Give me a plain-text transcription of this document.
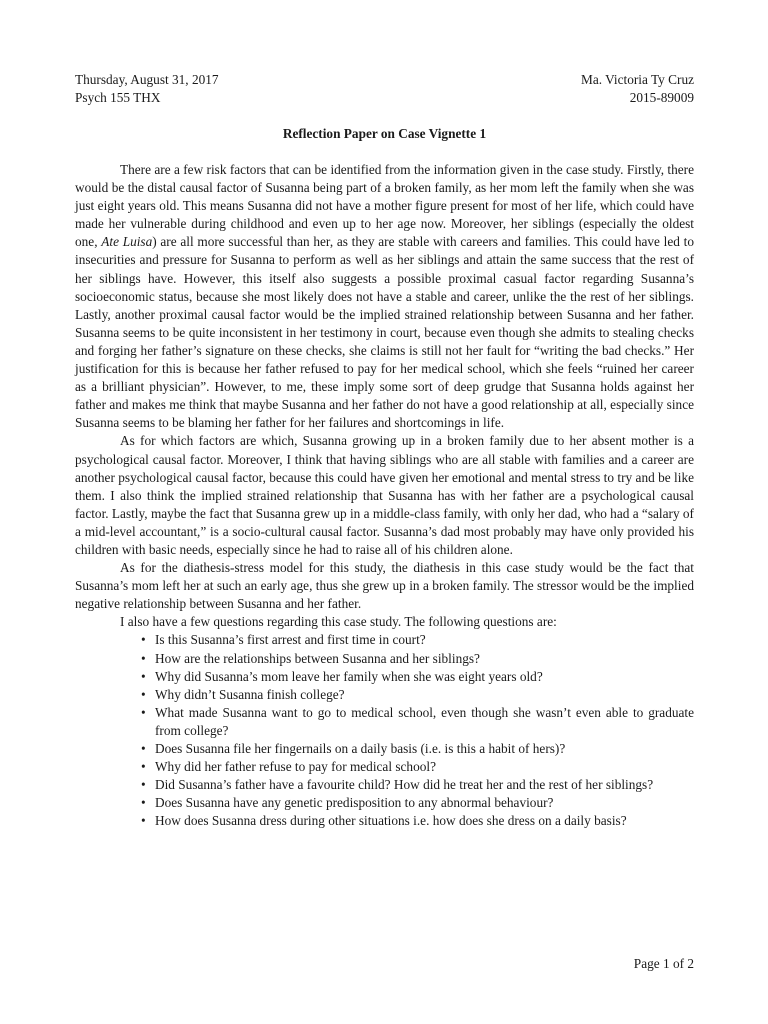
Thursday, August 31, 2017	Ma. Victoria Ty Cruz
Psych 155 THX	2015-89009
Reflection Paper on Case Vignette 1

There are a few risk factors that can be identified from the information given in the case study. Firstly, there would be the distal causal factor of Susanna being part of a broken family, as her mom left the family when she was just eight years old. This means Susanna did not have a mother figure present for most of her life, which could have made her vulnerable during childhood and even up to her age now. Moreover, her siblings (especially the oldest one, Ate Luisa) are all more successful than her, as they are stable with careers and families. This could have led to insecurities and pressure for Susanna to perform as well as her siblings and attain the same success that the rest of her siblings have. However, this itself also suggests a possible proximal casual factor regarding Susanna’s socioeconomic status, because she most likely does not have a stable and career, unlike the the rest of her siblings. Lastly, another proximal causal factor would be the implied strained relationship between Susanna and her father. Susanna seems to be quite inconsistent in her testimony in court, because even though she admits to stealing checks and forging her father’s signature on these checks, she claims is still not her fault for “writing the bad checks.” Her justification for this is because her father refused to pay for her medical school, which she feels “ruined her career as a brilliant physician”. However, to me, these imply some sort of deep grudge that Susanna holds against her father and makes me think that maybe Susanna and her father do not have a good relationship at all, especially since Susanna seems to be blaming her father for her failures and shortcomings in life.

As for which factors are which, Susanna growing up in a broken family due to her absent mother is a psychological causal factor. Moreover, I think that having siblings who are all stable with families and a career are another psychological causal factor, because this could have given her emotional and mental stress to try and be like them. I also think the implied strained relationship that Susanna has with her father are a psychological causal factor. Lastly, maybe the fact that Susanna grew up in a middle-class family, with only her dad, who had a “salary of a mid-level accountant,” is a socio-cultural causal factor. Susanna’s dad most probably may have only provided his children with basic needs, especially since he had to raise all of his children alone.

As for the diathesis-stress model for this study, the diathesis in this case study would be the fact that Susanna’s mom left her at such an early age, thus she grew up in a broken family. The stressor would be the implied negative relationship between Susanna and her father.

I also have a few questions regarding this case study. The following questions are:

• Is this Susanna’s first arrest and first time in court?
• How are the relationships between Susanna and her siblings?
• Why did Susanna’s mom leave her family when she was eight years old?
• Why didn’t Susanna finish college?
• What made Susanna want to go to medical school, even though she wasn’t even able to graduate from college?
• Does Susanna file her fingernails on a daily basis (i.e. is this a habit of hers)?
• Why did her father refuse to pay for medical school?
• Did Susanna’s father have a favourite child? How did he treat her and the rest of her siblings?
• Does Susanna have any genetic predisposition to any abnormal behaviour?
• How does Susanna dress during other situations i.e. how does she dress on a daily basis?
Page 1 of 2
